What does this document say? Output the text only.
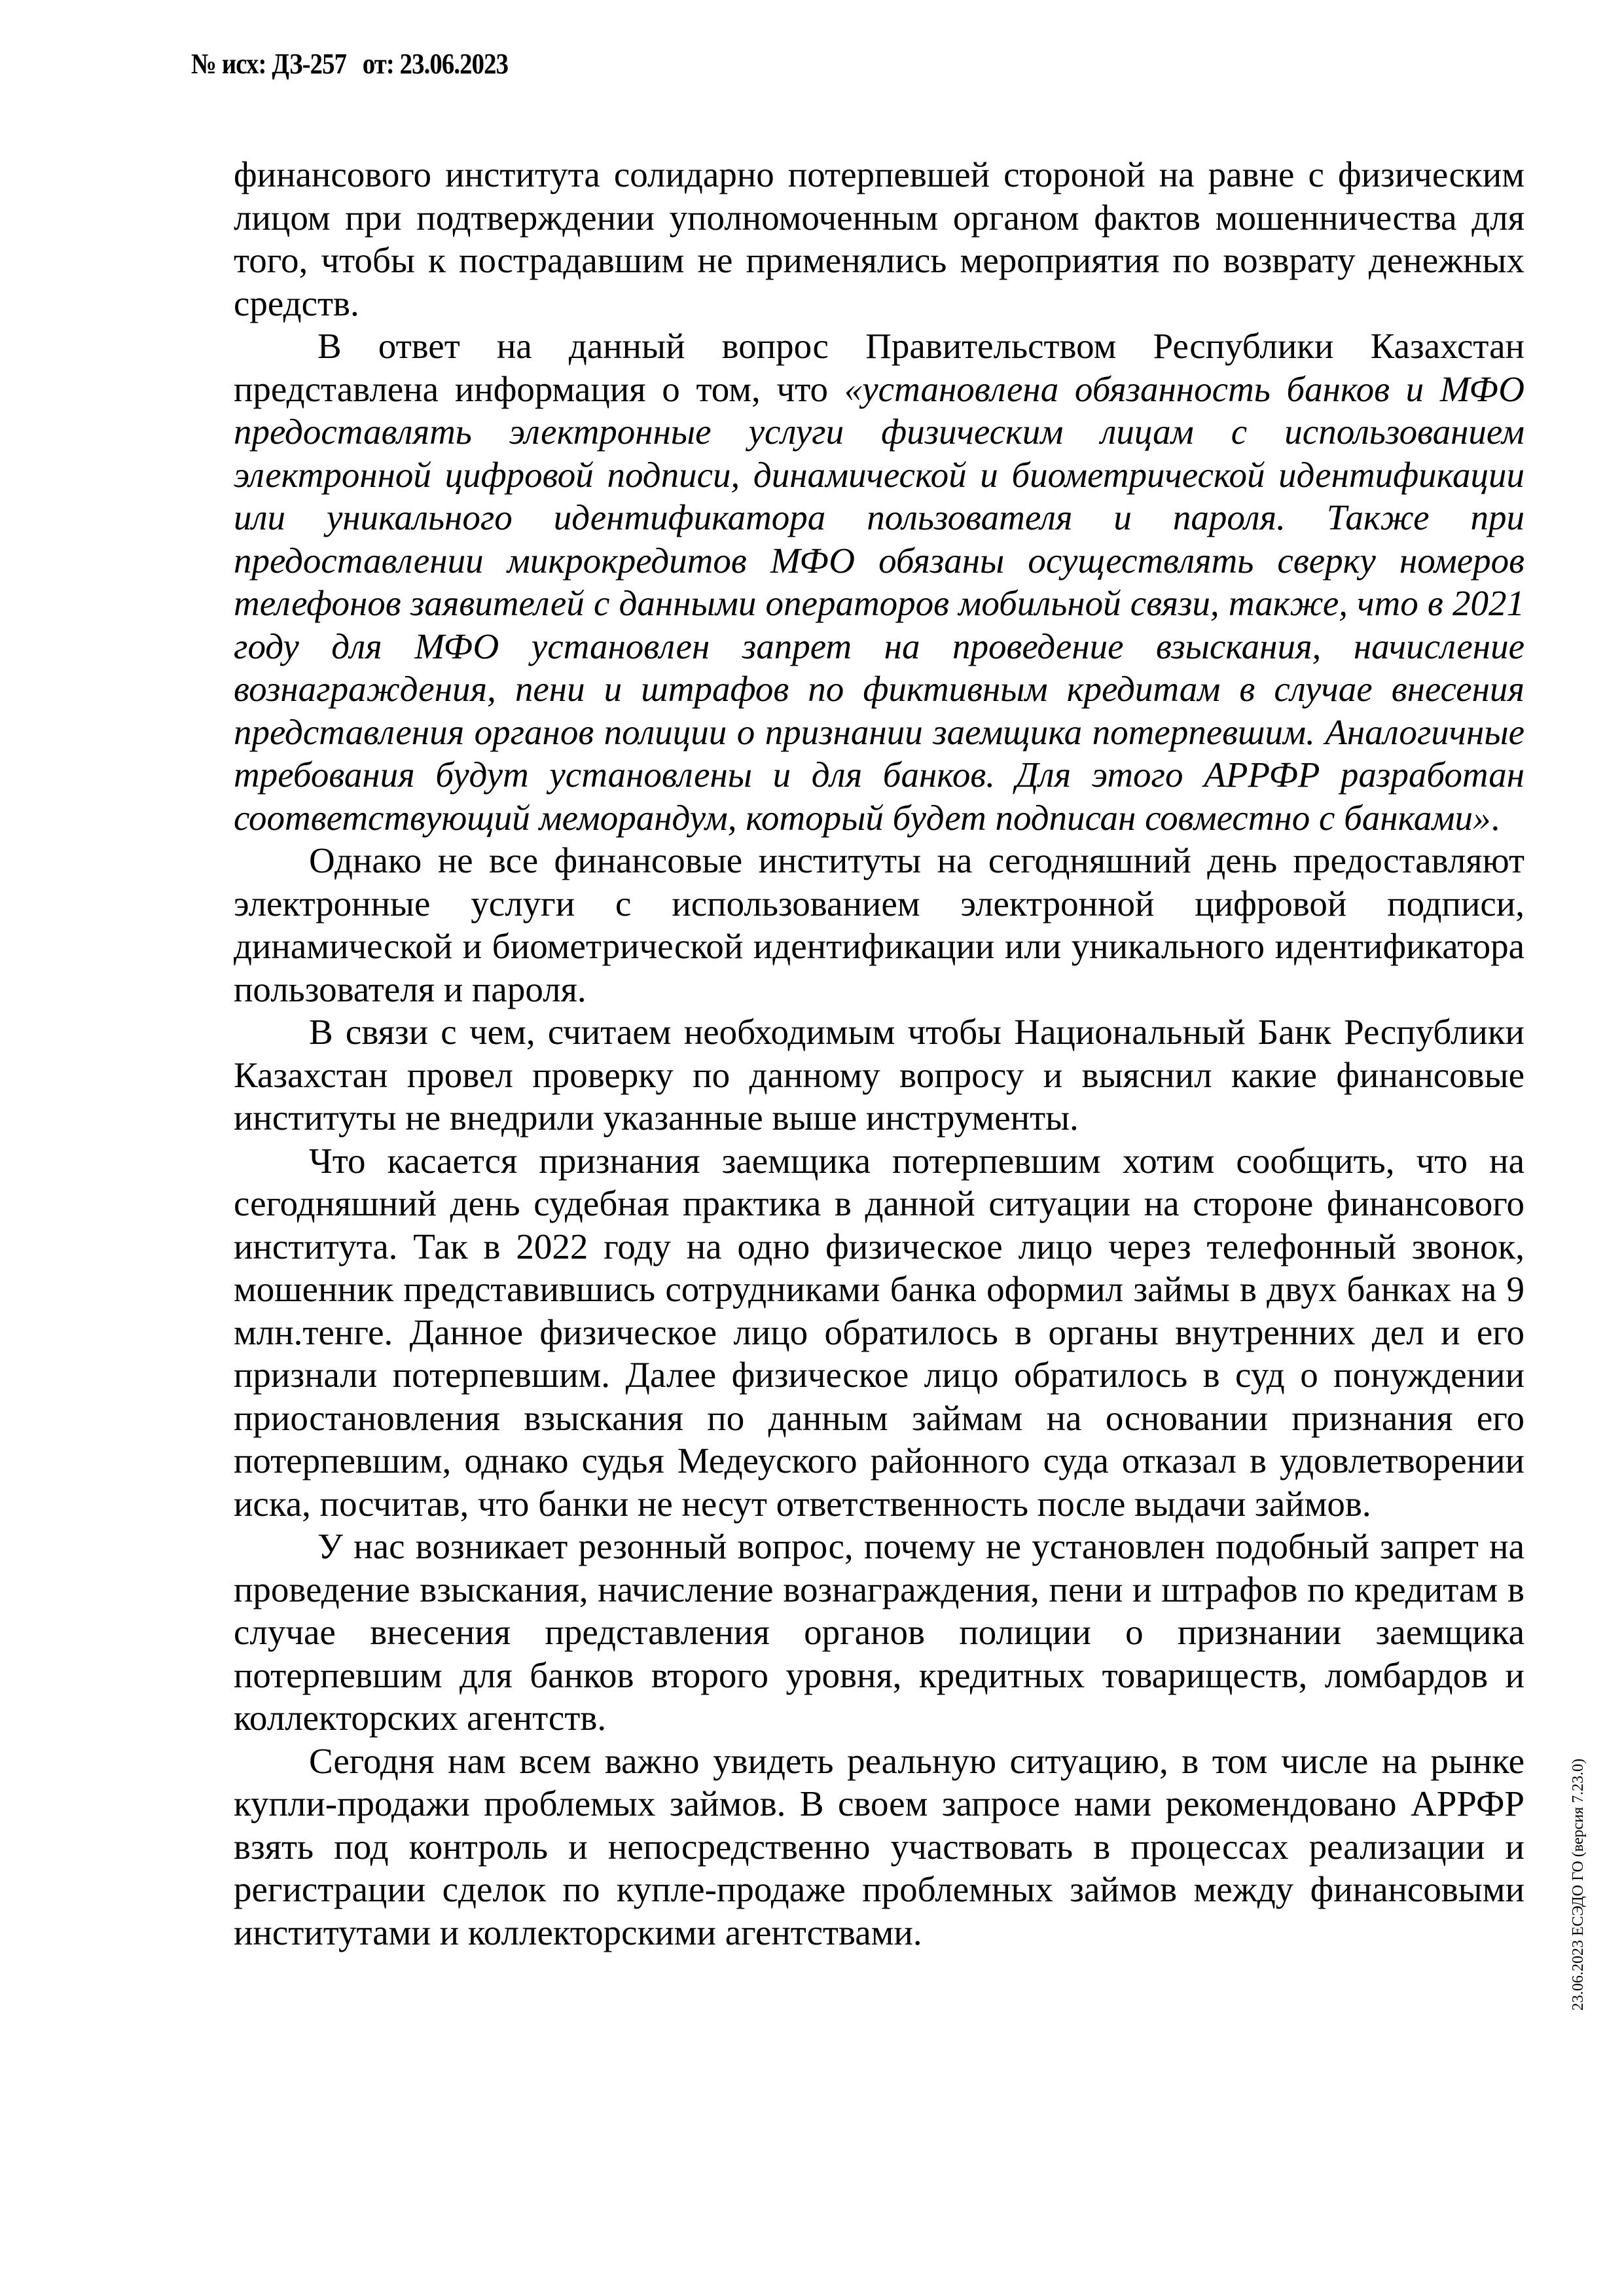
№ исх: ДЗ-257 от: 23.06.2023

финансового института солидарно потерпевшей стороной на равне с физическим лицом при подтверждении уполномоченным органом фактов мошенничества для того, чтобы к пострадавшим не применялись мероприятия по возврату денежных средств.

В ответ на данный вопрос Правительством Республики Казахстан представлена информация о том, что «установлена обязанность банков и МФО предоставлять электронные услуги физическим лицам с использованием электронной цифровой подписи, динамической и биометрической идентификации или уникального идентификатора пользователя и пароля. Также при предоставлении микрокредитов МФО обязаны осуществлять сверку номеров телефонов заявителей с данными операторов мобильной связи, также, что в 2021 году для МФО установлен запрет на проведение взыскания, начисление вознаграждения, пени и штрафов по фиктивным кредитам в случае внесения представления органов полиции о признании заемщика потерпевшим. Аналогичные требования будут установлены и для банков. Для этого АРРФР разработан соответствующий меморандум, который будет подписан совместно с банками».

Однако не все финансовые институты на сегодняшний день предоставляют электронные услуги с использованием электронной цифровой подписи, динамической и биометрической идентификации или уникального идентификатора пользователя и пароля.

В связи с чем, считаем необходимым чтобы Национальный Банк Республики Казахстан провел проверку по данному вопросу и выяснил какие финансовые институты не внедрили указанные выше инструменты.

Что касается признания заемщика потерпевшим хотим сообщить, что на сегодняшний день судебная практика в данной ситуации на стороне финансового института. Так в 2022 году на одно физическое лицо через телефонный звонок, мошенник представившись сотрудниками банка оформил займы в двух банках на 9 млн.тенге. Данное физическое лицо обратилось в органы внутренних дел и его признали потерпевшим. Далее физическое лицо обратилось в суд о понуждении приостановления взыскания по данным займам на основании признания его потерпевшим, однако судья Медеуского районного суда отказал в удовлетворении иска, посчитав, что банки не несут ответственность после выдачи займов.

У нас возникает резонный вопрос, почему не установлен подобный запрет на проведение взыскания, начисление вознаграждения, пени и штрафов по кредитам в случае внесения представления органов полиции о признании заемщика потерпевшим для банков второго уровня, кредитных товариществ, ломбардов и коллекторских агентств.

Сегодня нам всем важно увидеть реальную ситуацию, в том числе на рынке купли-продажи проблемых займов. В своем запросе нами рекомендовано АРРФР взять под контроль и непосредственно участвовать в процессах реализации и регистрации сделок по купле-продаже проблемных займов между финансовыми институтами и коллекторскими агентствами.	23.06.2023 ЕСЭДО ГО (версия 7.23.0)
